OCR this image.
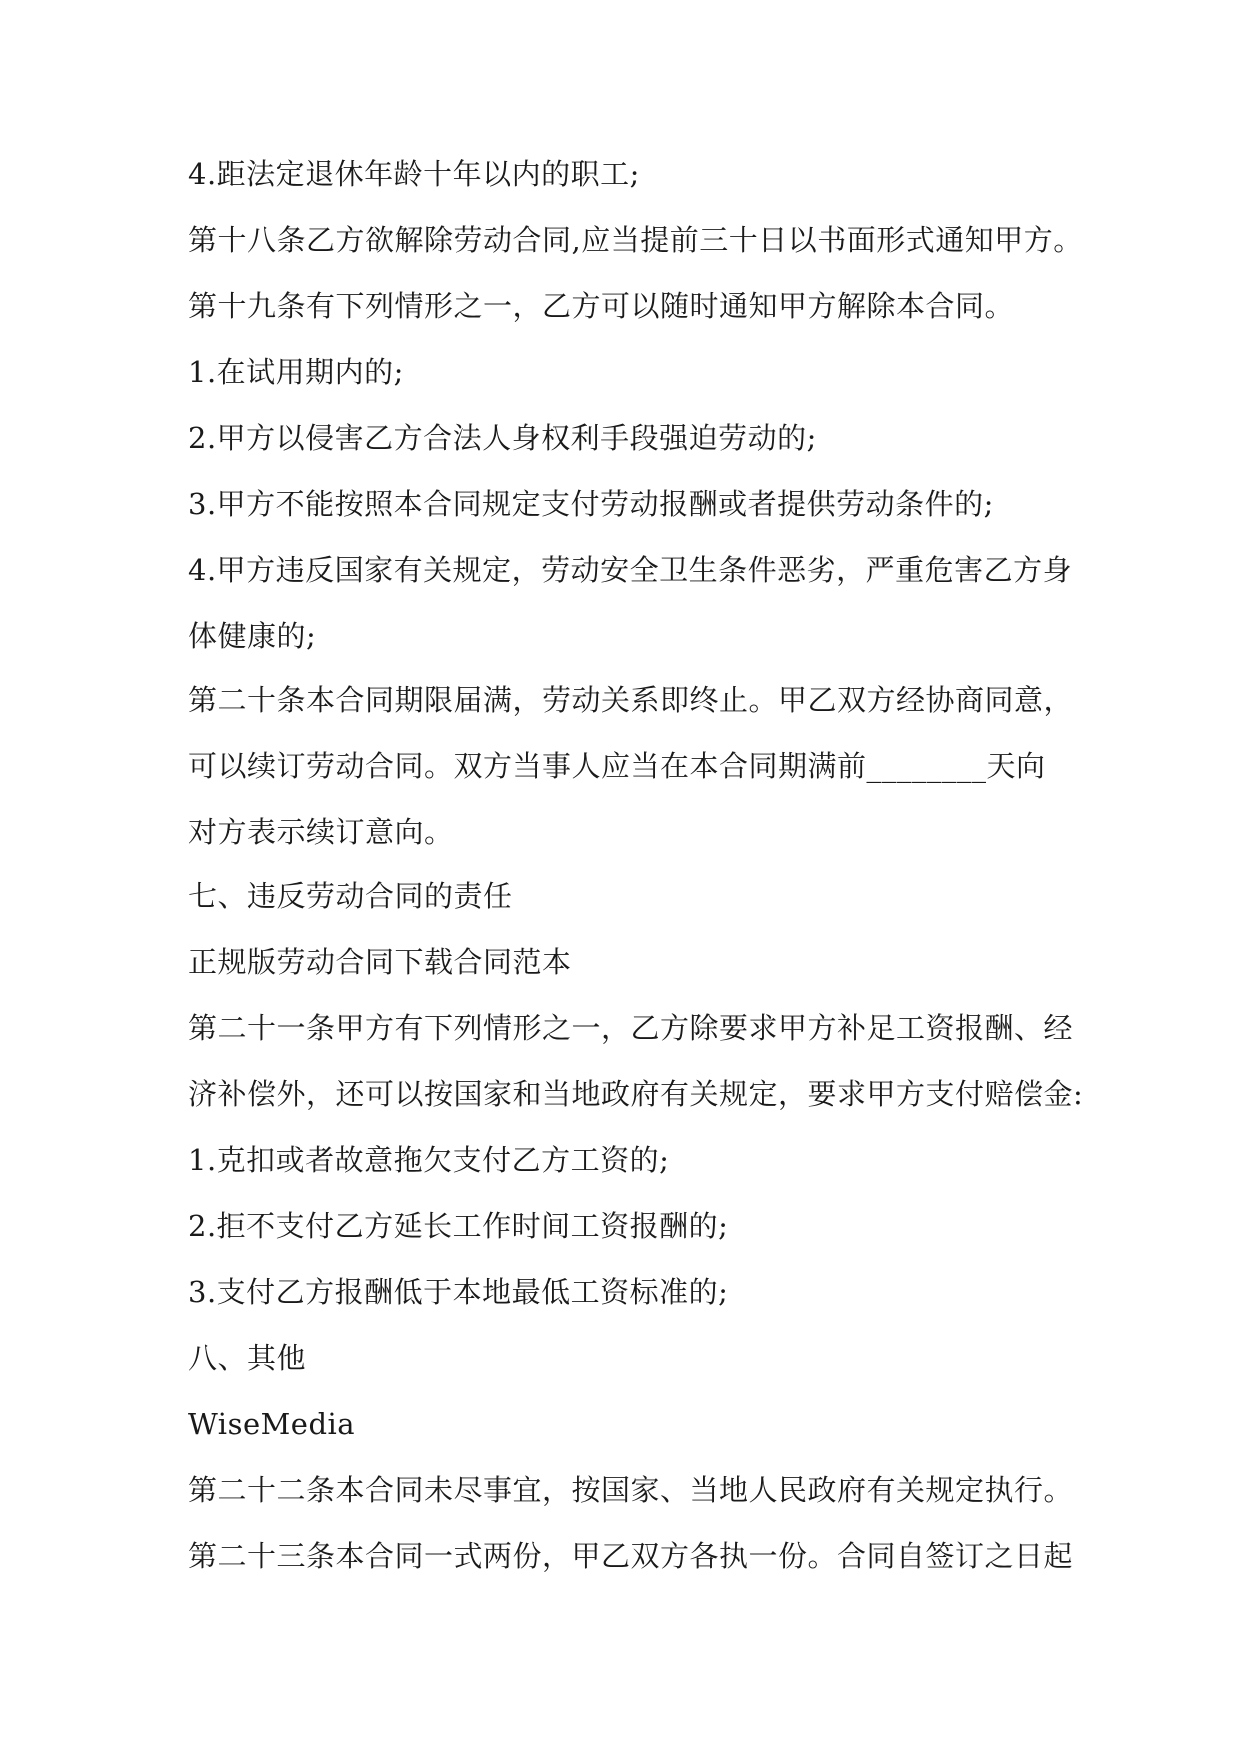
4.距法定退休年龄十年以内的职工;
第十八条乙方欲解除劳动合同,应当提前三十日以书面形式通知甲方。
第十九条有下列情形之一，乙方可以随时通知甲方解除本合同。
1.在试用期内的;
2.甲方以侵害乙方合法人身权利手段强迫劳动的;
3.甲方不能按照本合同规定支付劳动报酬或者提供劳动条件的;
4.甲方违反国家有关规定，劳动安全卫生条件恶劣，严重危害乙方身
体健康的;
第二十条本合同期限届满，劳动关系即终止。甲乙双方经协商同意，
可以续订劳动合同。双方当事人应当在本合同期满前________天向
对方表示续订意向。
七、违反劳动合同的责任
正规版劳动合同下载合同范本
第二十一条甲方有下列情形之一，乙方除要求甲方补足工资报酬、经
济补偿外，还可以按国家和当地政府有关规定，要求甲方支付赔偿金:
1.克扣或者故意拖欠支付乙方工资的;
2.拒不支付乙方延长工作时间工资报酬的;
3.支付乙方报酬低于本地最低工资标准的;
八、其他
WiseMedia
第二十二条本合同未尽事宜，按国家、当地人民政府有关规定执行。
第二十三条本合同一式两份，甲乙双方各执一份。合同自签订之日起
